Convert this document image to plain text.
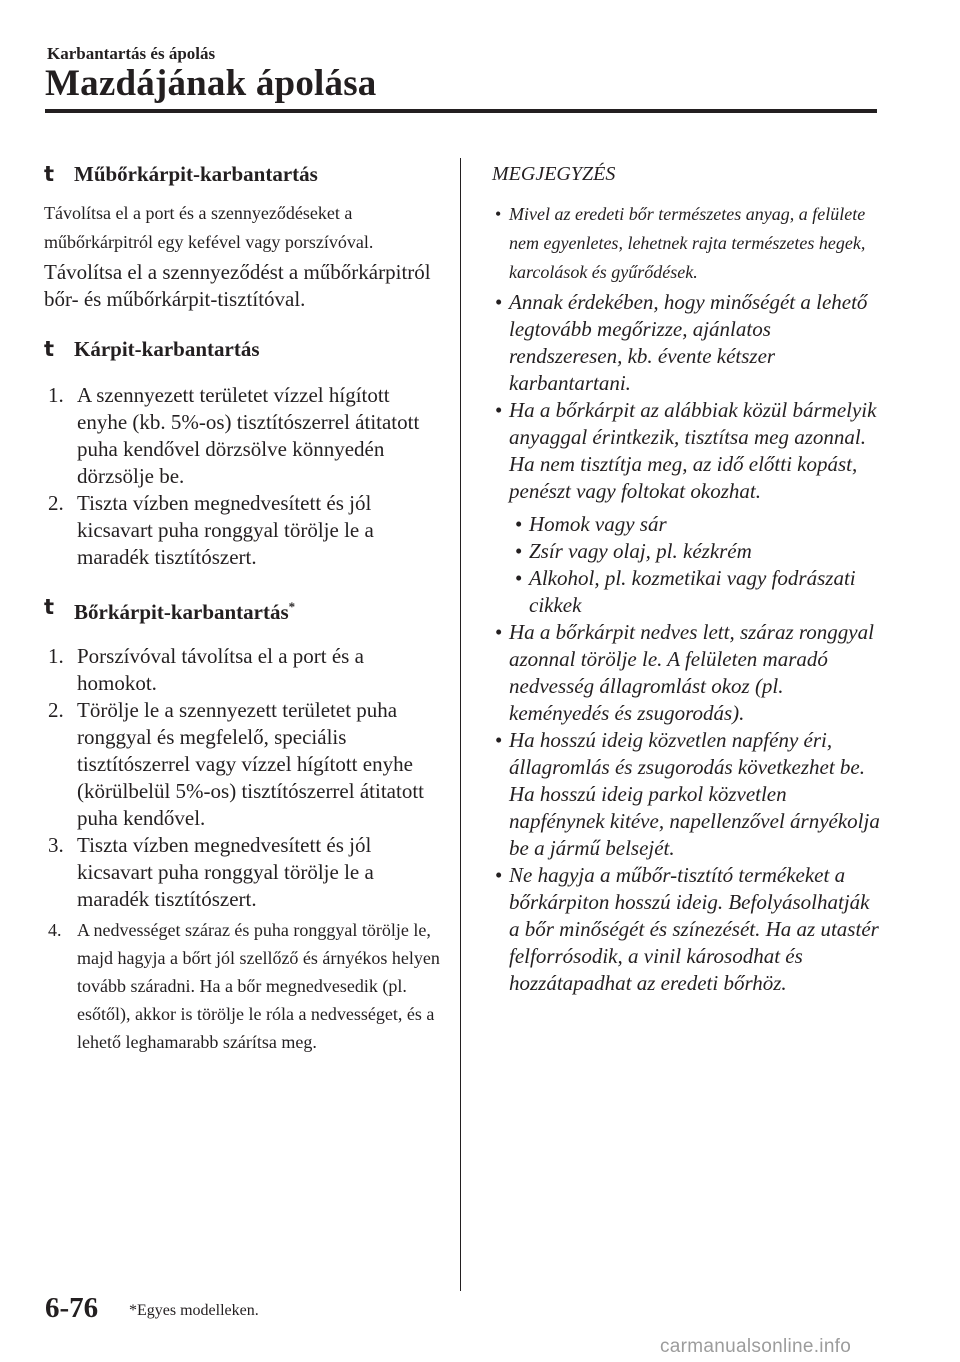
Karbantartás és ápolás
Mazdájának ápolása
t Műbőrkárpit-karbantartás

Távolítsa el a port és a szennyeződéseket a műbőrkárpitról egy kefével vagy porszívóval.

Távolítsa el a szennyeződést a műbőrkárpitról bőr- és műbőrkárpit-tisztítóval.

t Kárpit-karbantartás
1. A szennyezett területet vízzel hígított enyhe (kb. 5%-os) tisztítószerrel átitatott puha kendővel dörzsölve könnyedén dörzsölje be.
2. Tiszta vízben megnedvesített és jól kicsavart puha ronggyal törölje le a maradék tisztítószert.
t Bőrkárpit-karbantartás*
1. Porszívóval távolítsa el a port és a homokot.
2. Törölje le a szennyezett területet puha ronggyal és megfelelő, speciális tisztítószerrel vagy vízzel hígított enyhe (körülbelül 5%-os) tisztítószerrel átitatott puha kendővel.
3. Tiszta vízben megnedvesített és jól kicsavart puha ronggyal törölje le a maradék tisztítószert.
4. A nedvességet száraz és puha ronggyal törölje le, majd hagyja a bőrt jól szellőző és árnyékos helyen tovább száradni. Ha a bőr megnedvesedik (pl. esőtől), akkor is törölje le róla a nedvességet, és a lehető leghamarabb szárítsa meg.

MEGJEGYZÉS

• Mivel az eredeti bőr természetes anyag, a felülete nem egyenletes, lehetnek rajta természetes hegek, karcolások és gyűrődések.
• Annak érdekében, hogy minőségét a lehető legtovább megőrizze, ajánlatos rendszeresen, kb. évente kétszer karbantartani.
• Ha a bőrkárpit az alábbiak közül bármelyik anyaggal érintkezik, tisztítsa meg azonnal.
Ha nem tisztítja meg, az idő előtti kopást, penészt vagy foltokat okozhat.
• Homok vagy sár
• Zsír vagy olaj, pl. kézkrém
• Alkohol, pl. kozmetikai vagy fodrászati cikkek
• Ha a bőrkárpit nedves lett, száraz ronggyal azonnal törölje le. A felületen maradó nedvesség állagromlást okoz (pl. keményedés és zsugorodás).
• Ha hosszú ideig közvetlen napfény éri, állagromlás és zsugorodás következhet be. Ha hosszú ideig parkol közvetlen napfénynek kitéve, napellenzővel árnyékolja be a jármű belsejét.
• Ne hagyja a műbőr-tisztító termékeket a bőrkárpiton hosszú ideig. Befolyásolhatják a bőr minőségét és színezését. Ha az utastér felforrósodik, a vinil károsodhat és hozzátapadhat az eredeti bőrhöz.
6-76 *Egyes modelleken.
carmanualsonline.info
